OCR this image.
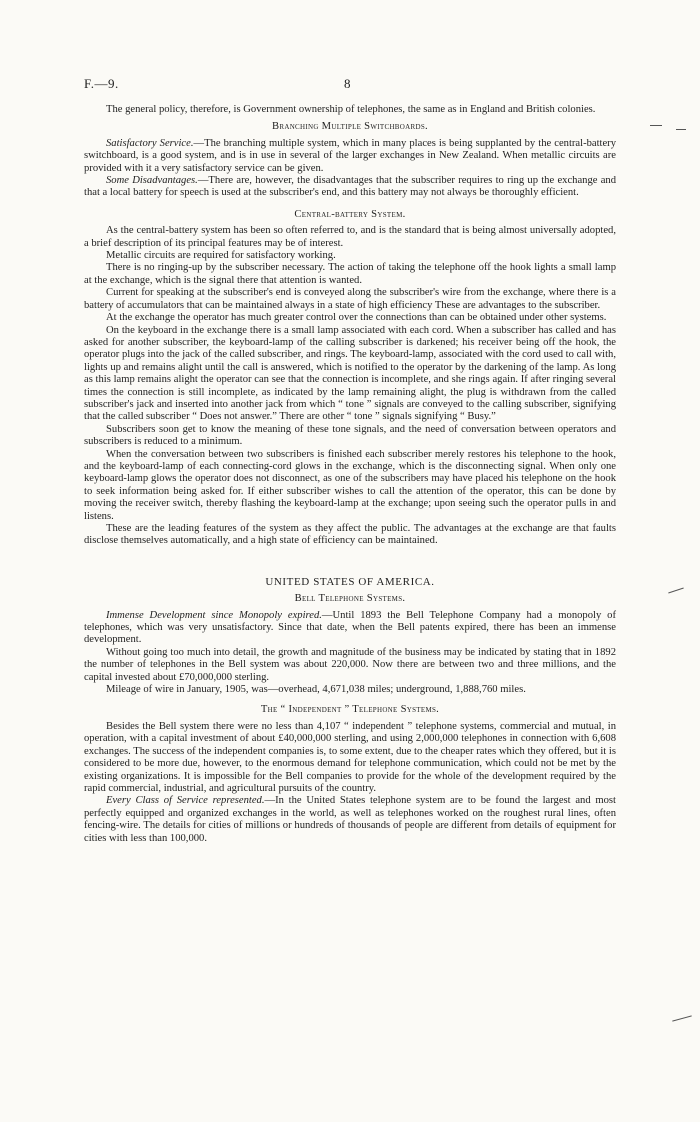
F.—9.	8

The general policy, therefore, is Government ownership of telephones, the same as in England and British colonies.

Branching Multiple Switchboards.

Satisfactory Service.—The branching multiple system, which in many places is being supplanted by the central-battery switchboard, is a good system, and is in use in several of the larger exchanges in New Zealand. When metallic circuits are provided with it a very satisfactory service can be given.

Some Disadvantages.—There are, however, the disadvantages that the subscriber requires to ring up the exchange and that a local battery for speech is used at the subscriber's end, and this battery may not always be thoroughly efficient.

Central-battery System.

As the central-battery system has been so often referred to, and is the standard that is being almost universally adopted, a brief description of its principal features may be of interest.

Metallic circuits are required for satisfactory working.

There is no ringing-up by the subscriber necessary. The action of taking the telephone off the hook lights a small lamp at the exchange, which is the signal there that attention is wanted.

Current for speaking at the subscriber's end is conveyed along the subscriber's wire from the exchange, where there is a battery of accumulators that can be maintained always in a state of high efficiency These are advantages to the subscriber.

At the exchange the operator has much greater control over the connections than can be obtained under other systems.

On the keyboard in the exchange there is a small lamp associated with each cord. When a subscriber has called and has asked for another subscriber, the keyboard-lamp of the calling subscriber is darkened; his receiver being off the hook, the operator plugs into the jack of the called subscriber, and rings. The keyboard-lamp, associated with the cord used to call with, lights up and remains alight until the call is answered, which is notified to the operator by the darkening of the lamp. As long as this lamp remains alight the operator can see that the connection is incomplete, and she rings again. If after ringing several times the connection is still incomplete, as indicated by the lamp remaining alight, the plug is withdrawn from the called subscriber's jack and inserted into another jack from which “ tone ” signals are conveyed to the calling subscriber, signifying that the called subscriber “ Does not answer.” There are other “ tone ” signals signifying “ Busy.”

Subscribers soon get to know the meaning of these tone signals, and the need of conversation between operators and subscribers is reduced to a minimum.

When the conversation between two subscribers is finished each subscriber merely restores his telephone to the hook, and the keyboard-lamp of each connecting-cord glows in the exchange, which is the disconnecting signal. When only one keyboard-lamp glows the operator does not disconnect, as one of the subscribers may have placed his telephone on the hook to seek information being asked for. If either subscriber wishes to call the attention of the operator, this can be done by moving the receiver switch, thereby flashing the keyboard-lamp at the exchange; upon seeing such the operator pulls in and listens.

These are the leading features of the system as they affect the public. The advantages at the exchange are that faults disclose themselves automatically, and a high state of efficiency can be maintained.

UNITED STATES OF AMERICA.
Bell Telephone Systems.

Immense Development since Monopoly expired.—Until 1893 the Bell Telephone Company had a monopoly of telephones, which was very unsatisfactory. Since that date, when the Bell patents expired, there has been an immense development.

Without going too much into detail, the growth and magnitude of the business may be indicated by stating that in 1892 the number of telephones in the Bell system was about 220,000. Now there are between two and three millions, and the capital invested about £70,000,000 sterling.

Mileage of wire in January, 1905, was—overhead, 4,671,038 miles; underground, 1,888,760 miles.

The “ Independent ” Telephone Systems.

Besides the Bell system there were no less than 4,107 “ independent ” telephone systems, commercial and mutual, in operation, with a capital investment of about £40,000,000 sterling, and using 2,000,000 telephones in connection with 6,608 exchanges. The success of the independent companies is, to some extent, due to the cheaper rates which they offered, but it is considered to be more due, however, to the enormous demand for telephone communication, which could not be met by the existing organizations. It is impossible for the Bell companies to provide for the whole of the development required by the rapid commercial, industrial, and agricultural pursuits of the country.

Every Class of Service represented.—In the United States telephone system are to be found the largest and most perfectly equipped and organized exchanges in the world, as well as telephones worked on the roughest rural lines, often fencing-wire. The details for cities of millions or hundreds of thousands of people are different from details of equipment for cities with less than 100,000.
